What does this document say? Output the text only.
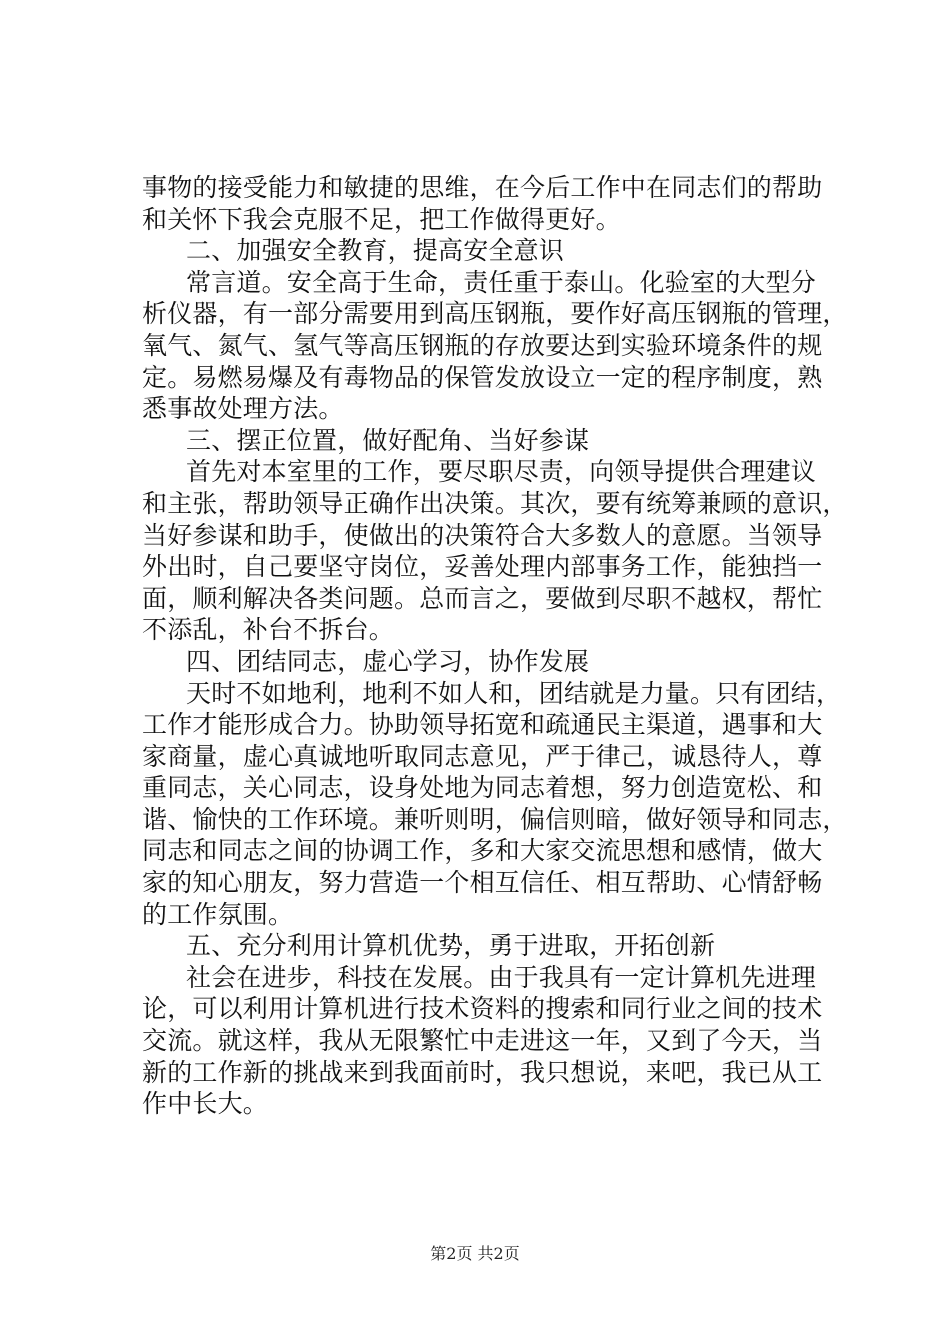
事物的接受能力和敏捷的思维，在今后工作中在同志们的帮助
和关怀下我会克服不足，把工作做得更好。
二、加强安全教育，提高安全意识
常言道。安全高于生命，责任重于泰山。化验室的大型分
析仪器，有一部分需要用到高压钢瓶，要作好高压钢瓶的管理，
氧气、氮气、氢气等高压钢瓶的存放要达到实验环境条件的规
定。易燃易爆及有毒物品的保管发放设立一定的程序制度，熟
悉事故处理方法。
三、摆正位置，做好配角、当好参谋
首先对本室里的工作，要尽职尽责，向领导提供合理建议
和主张，帮助领导正确作出决策。其次，要有统筹兼顾的意识，
当好参谋和助手，使做出的决策符合大多数人的意愿。当领导
外出时，自己要坚守岗位，妥善处理内部事务工作，能独挡一
面，顺利解决各类问题。总而言之，要做到尽职不越权，帮忙
不添乱，补台不拆台。
四、团结同志，虚心学习，协作发展
天时不如地利，地利不如人和，团结就是力量。只有团结，
工作才能形成合力。协助领导拓宽和疏通民主渠道，遇事和大
家商量，虚心真诚地听取同志意见，严于律己，诚恳待人，尊
重同志，关心同志，设身处地为同志着想，努力创造宽松、和
谐、愉快的工作环境。兼听则明，偏信则暗，做好领导和同志，
同志和同志之间的协调工作，多和大家交流思想和感情，做大
家的知心朋友，努力营造一个相互信任、相互帮助、心情舒畅
的工作氛围。
五、充分利用计算机优势，勇于进取，开拓创新
社会在进步，科技在发展。由于我具有一定计算机先进理
论，可以利用计算机进行技术资料的搜索和同行业之间的技术
交流。就这样，我从无限繁忙中走进这一年，又到了今天，当
新的工作新的挑战来到我面前时，我只想说，来吧，我已从工
作中长大。
第2页 共2页
